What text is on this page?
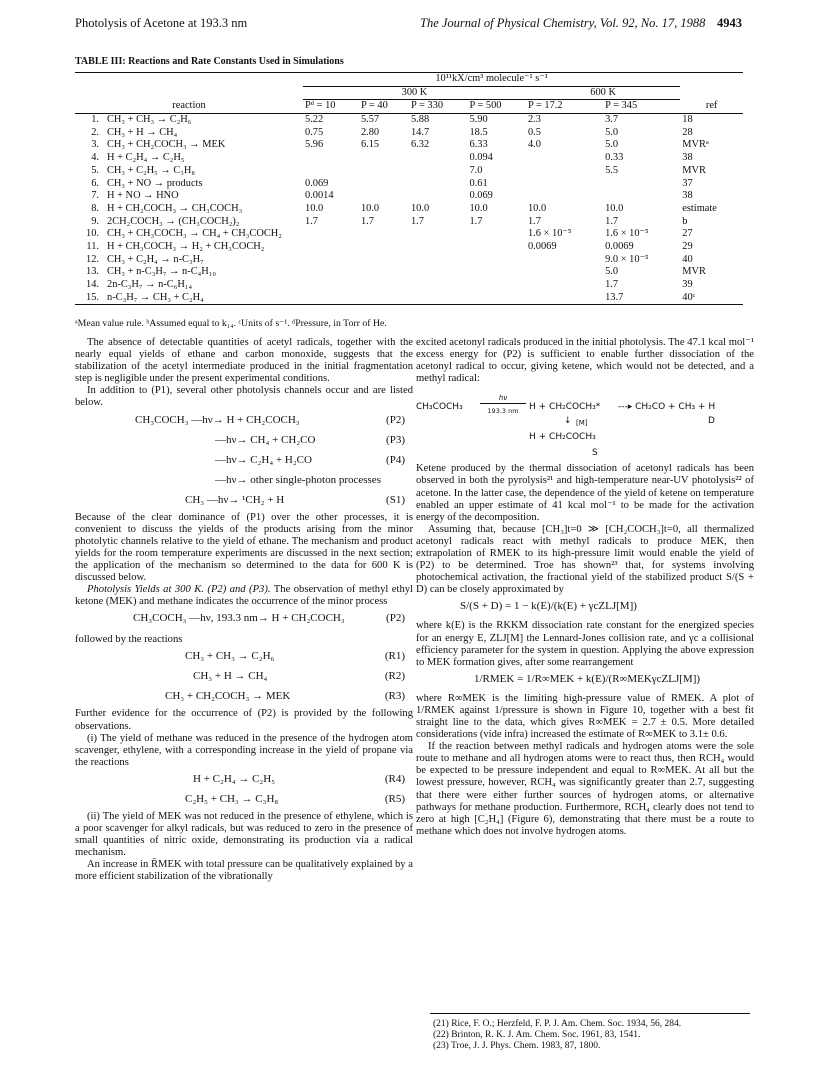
Photolysis of Acetone at 193.3 nm	The Journal of Physical Chemistry, Vol. 92, No. 17, 1988 4943
TABLE III: Reactions and Rate Constants Used in Simulations
	10¹¹kX/cm³ molecule⁻¹ s⁻¹						
	300 K				600 K		
reaction	Pᵈ = 10	P = 40	P = 330	P = 500	P = 17.2	P = 345	ref
1. CH₃ + CH₃ → C₂H₆	5.22	5.57	5.88	5.90	2.3	3.7	18
2. CH₃ + H → CH₄	0.75	2.80	14.7	18.5	0.5	5.0	28
3. CH₃ + CH₂COCH₃ → MEK	5.96	6.15	6.32	6.33	4.0	5.0	MVRᵃ
4. H + C₂H₄ → C₂H₅				0.094		0.33	38
5. CH₃ + C₂H₅ → C₃H₈				7.0		5.5	MVR
6. CH₃ + NO → products	0.069			0.61			37
7. H + NO → HNO	0.0014			0.069			38
8. H + CH₂COCH₃ → CH₃COCH₃	10.0	10.0	10.0	10.0	10.0	10.0	estimate
9. 2CH₂COCH₃ → (CH₃COCH₂)₂	1.7	1.7	1.7	1.7	1.7	1.7	b
10. CH₃ + CH₃COCH₃ → CH₄ + CH₃COCH₂					1.6 × 10⁻⁵	1.6 × 10⁻⁵	27
11. H + CH₃COCH₃ → H₂ + CH₃COCH₂					0.0069	0.0069	29
12. CH₃ + C₂H₄ → n-C₃H₇						9.0 × 10⁻⁵	40
13. CH₃ + n-C₃H₇ → n-C₄H₁₀						5.0	MVR
14. 2n-C₃H₇ → n-C₆H₁₄						1.7	39
15. n-C₃H₇ → CH₃ + C₂H₄						13.7	40ᶜ
ᵃMean value rule. ᵇAssumed equal to k₁₄. ᶜUnits of s⁻¹. ᵈPressure, in Torr of He.

The absence of detectable quantities of acetyl radicals, together with the nearly equal yields of ethane and carbon monoxide, suggests that the stabilization of the acetyl intermediate produced in the initial fragmentation step is negligible under the present experimental conditions.

In addition to (P1), several other photolysis channels occur and are listed below.

CH₃COCH₃ —hν→ H + CH₂COCH₃	(P2)
—hν→ CH₄ + CH₂CO	(P3)
—hν→ C₂H₄ + H₂CO	(P4)
—hν→ other single-photon processes
CH₃ —hν→ ¹CH₂ + H	(S1)

Because of the clear dominance of (P1) over the other processes, it is convenient to discuss the yields of the products arising from the minor photolytic channels relative to the yield of ethane. The mechanism and product yields for the room temperature experiments are discussed in the next section; the application of the mechanism so determined to the data for 600 K is discussed below.

Photolysis Yields at 300 K. (P2) and (P3). The observation of methyl ethyl ketone (MEK) and methane indicates the occurrence of the minor process

CH₃COCH₃ —hν, 193.3 nm→ H + CH₂COCH₃	(P2)

followed by the reactions

CH₃ + CH₃ → C₂H₆	(R1)
CH₃ + H → CH₄	(R2)
CH₃ + CH₂COCH₃ → MEK	(R3)

Further evidence for the occurrence of (P2) is provided by the following observations.

(i) The yield of methane was reduced in the presence of the hydrogen atom scavenger, ethylene, with a corresponding increase in the yield of propane via the reactions

H + C₂H₄ → C₂H₅	(R4)
C₂H₅ + CH₃ → C₃H₈	(R5)

(ii) The yield of MEK was not reduced in the presence of ethylene, which is a poor scavenger for alkyl radicals, but was reduced to zero in the presence of small quantities of nitric oxide, demonstrating its production via a radical mechanism.

An increase in R̄MEK with total pressure can be qualitatively explained by a more efficient stabilization of the vibrationally

excited acetonyl radicals produced in the initial photolysis. The 47.1 kcal mol⁻¹ excess energy for (P2) is sufficient to enable further dissociation of the acetonyl radical to occur, giving ketene, which would not be detected, and a methyl radical:

CH₃COCH₃
hν
193.3 nm	H + CH₂COCH₃* ---▸ CH₂CO + CH₃ + H
D
↓ [M]
H + CH₂COCH₃
S

Ketene produced by the thermal dissociation of acetonyl radicals has been observed in both the pyrolysis²¹ and high-temperature near-UV photolysis²² of acetone. In the latter case, the dependence of the yield of ketene on temperature enabled an upper estimate of 41 kcal mol⁻¹ to be made for the activation energy of the decomposition.

Assuming that, because [CH₃]t=0 ≫ [CH₂COCH₃]t=0, all thermalized acetonyl radicals react with methyl radicals to produce MEK, then extrapolation of RMEK to its high-pressure limit would enable the yield of (P2) to be determined. Troe has shown²³ that, for systems involving photochemical activation, the fractional yield of the stabilized product S/(S + D) can be closely approximated by

S/(S + D) = 1 − k(E)/(k(E) + γcZLJ[M])

where k(E) is the RKKM dissociation rate constant for the energized species for an energy E, ZLJ[M] the Lennard-Jones collision rate, and γc a collisional efficiency parameter for the system in question. Applying the above expression to MEK formation gives, after some rearrangement

1/RMEK = 1/R∞MEK + k(E)/(R∞MEKγcZLJ[M])

where R∞MEK is the limiting high-pressure value of RMEK. A plot of 1/RMEK against 1/pressure is shown in Figure 10, together with a best fit straight line to the data, which gives R∞MEK = 2.7 ± 0.5. More detailed considerations (vide infra) increased the estimate of R∞MEK to 3.1± 0.6.

If the reaction between methyl radicals and hydrogen atoms were the sole route to methane and all hydrogen atoms were to react thus, then RCH₄ would be expected to be pressure independent and equal to R∞MEK. At all but the lowest pressure, however, RCH₄ was significantly greater than 2.7, suggesting that there were either further sources of hydrogen atoms, or alternative pathways for methane production. Furthermore, RCH₄ clearly does not tend to zero at high [C₂H₄] (Figure 6), demonstrating that there must be a route to methane which does not involve hydrogen atoms.

(21) Rice, F. O.; Herzfeld, F. P. J. Am. Chem. Soc. 1934, 56, 284.
(22) Brinton, R. K. J. Am. Chem. Soc. 1961, 83, 1541.
(23) Troe, J. J. Phys. Chem. 1983, 87, 1800.
